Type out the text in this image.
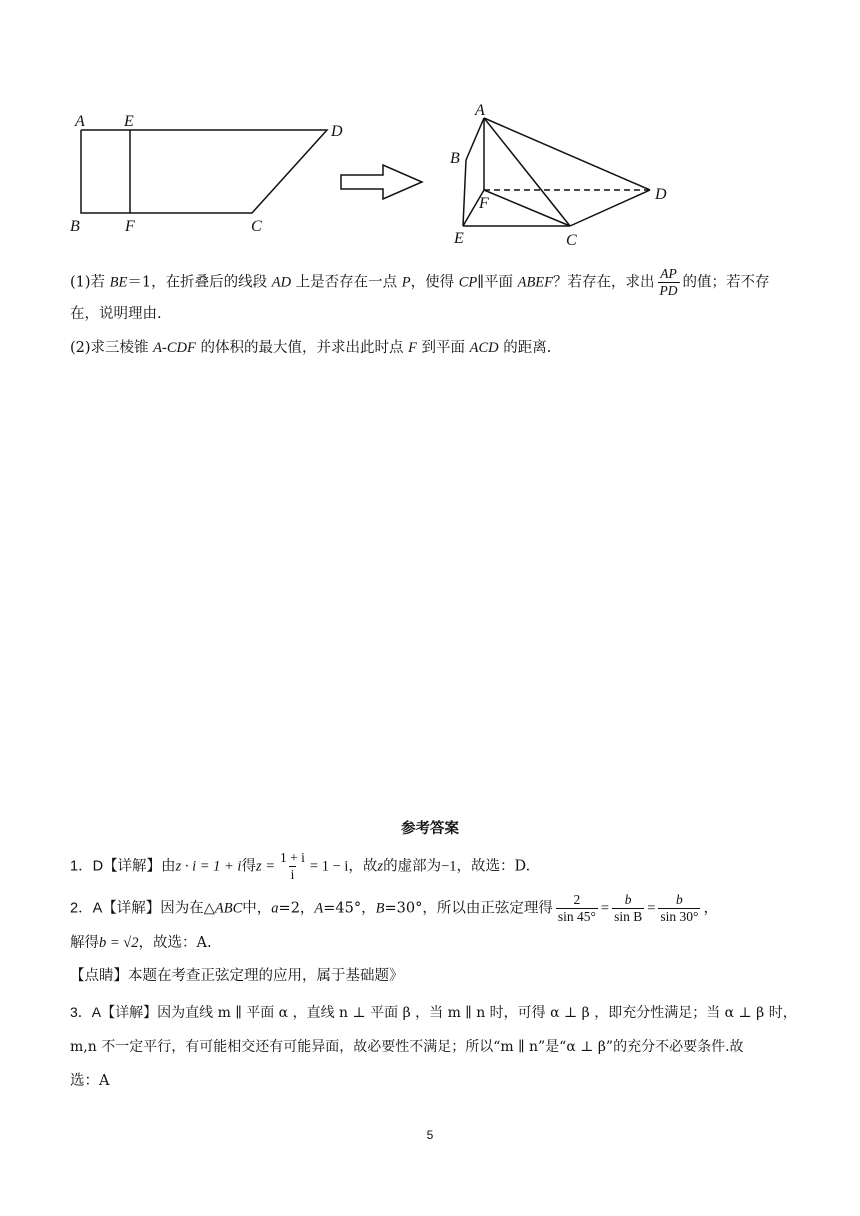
A E
D
B	F	C
A
B
F
D
E	C
(1)若 BE＝1，在折叠后的线段 AD 上是否存在一点 P，使得 CP∥平面 ABEF？若存在，求出 $\frac{AP}{PD}$ 的值；若不存
在，说明理由.
(2)求三棱锥 A-CDF 的体积的最大值，并求出此时点 F 到平面 ACD 的距离.
参考答案
1．D【详解】由z · i = 1 + i得$z = \frac{1 + i}{i} = 1 - i$，故z的虚部为−1，故选：D.
2．A【详解】因为在△ABC中，a=2，A=45°，B=30°，所以由正弦定理得 $\frac{2}{\sin 45^\circ} = \frac{b}{\text{sin B}} = \frac{b}{\sin 30^\circ}$ ，
解得b = √2，故选：A.
【点睛】本题在考查正弦定理的应用，属于基础题》
3．A【详解】因为直线 m ∥ 平面 α ，直线 n ⊥ 平面 β ，当 m ∥ n 时，可得 α ⊥ β ，即充分性满足；当 α ⊥ β 时，
m,n 不一定平行，有可能相交还有可能异面，故必要性不满足；所以“m ∥ n”是“α ⊥ β”的充分不必要条件.故
选：A
5
